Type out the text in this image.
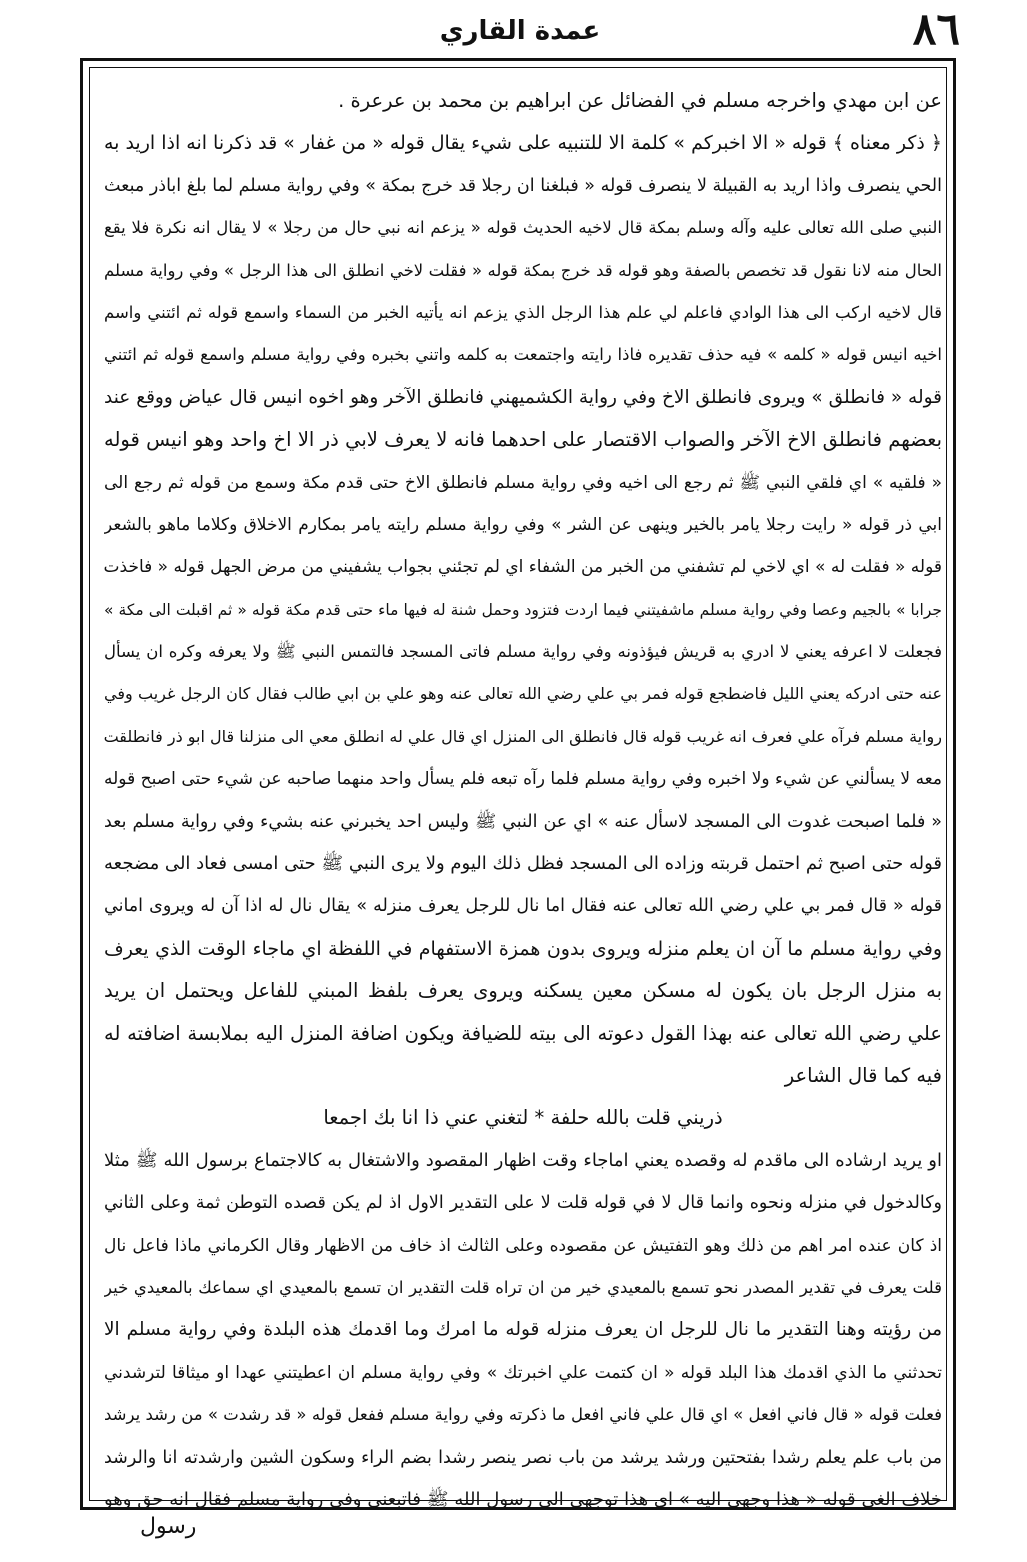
٨٦
عمدة القاري
عن ابن مهدي واخرجه مسلم في الفضائل عن ابراهيم بن محمد بن عرعرة .
﴿ ذكر معناه ﴾ قوله « الا اخبركم » كلمة الا للتنبيه على شيء يقال قوله « من غفار » قد ذكرنا انه اذا اريد به
الحي ينصرف واذا اريد به القبيلة لا ينصرف قوله « فبلغنا ان رجلا قد خرج بمكة » وفي رواية مسلم لما بلغ اباذر مبعث
النبي صلى الله تعالى عليه وآله وسلم بمكة قال لاخيه الحديث قوله « يزعم انه نبي حال من رجلا » لا يقال انه نكرة فلا يقع
الحال منه لانا نقول قد تخصص بالصفة وهو قوله قد خرج بمكة قوله « فقلت لاخي انطلق الى هذا الرجل » وفي رواية مسلم
قال لاخيه اركب الى هذا الوادي فاعلم لي علم هذا الرجل الذي يزعم انه يأتيه الخبر من السماء واسمع قوله ثم ائتني واسم
اخيه انيس قوله « كلمه » فيه حذف تقديره فاذا رايته واجتمعت به كلمه واتني بخبره وفي رواية مسلم واسمع قوله ثم ائتني
قوله « فانطلق » ويروى فانطلق الاخ وفي رواية الكشميهني فانطلق الآخر وهو اخوه انيس قال عياض ووقع عند
بعضهم فانطلق الاخ الآخر والصواب الاقتصار على احدهما فانه لا يعرف لابي ذر الا اخ واحد وهو انيس قوله
« فلقيه » اي فلقي النبي ﷺ ثم رجع الى اخيه وفي رواية مسلم فانطلق الاخ حتى قدم مكة وسمع من قوله ثم رجع الى
ابي ذر قوله « رايت رجلا يامر بالخير وينهى عن الشر » وفي رواية مسلم رايته يامر بمكارم الاخلاق وكلاما ماهو بالشعر
قوله « فقلت له » اي لاخي لم تشفني من الخبر من الشفاء اي لم تجئني بجواب يشفيني من مرض الجهل قوله « فاخذت
جرابا » بالجيم وعصا وفي رواية مسلم ماشفيتني فيما اردت فتزود وحمل شنة له فيها ماء حتى قدم مكة قوله « ثم اقبلت الى مكة »
فجعلت لا اعرفه يعني لا ادري به قريش فيؤذونه وفي رواية مسلم فاتى المسجد فالتمس النبي ﷺ ولا يعرفه وكره ان يسأل
عنه حتى ادركه يعني الليل فاضطجع قوله فمر بي علي رضي الله تعالى عنه وهو علي بن ابي طالب فقال كان الرجل غريب وفي
رواية مسلم فرآه علي فعرف انه غريب قوله قال فانطلق الى المنزل اي قال علي له انطلق معي الى منزلنا قال ابو ذر فانطلقت
معه لا يسألني عن شيء ولا اخبره وفي رواية مسلم فلما رآه تبعه فلم يسأل واحد منهما صاحبه عن شيء حتى اصبح قوله
« فلما اصبحت غدوت الى المسجد لاسأل عنه » اي عن النبي ﷺ وليس احد يخبرني عنه بشيء وفي رواية مسلم بعد
قوله حتى اصبح ثم احتمل قربته وزاده الى المسجد فظل ذلك اليوم ولا يرى النبي ﷺ حتى امسى فعاد الى مضجعه
قوله « قال فمر بي علي رضي الله تعالى عنه فقال اما نال للرجل يعرف منزله » يقال نال له اذا آن له ويروى اماني
وفي رواية مسلم ما آن ان يعلم منزله ويروى بدون همزة الاستفهام في اللفظة اي ماجاء الوقت الذي يعرف
به منزل الرجل بان يكون له مسكن معين يسكنه ويروى يعرف بلفظ المبني للفاعل ويحتمل ان يريد
علي رضي الله تعالى عنه بهذا القول دعوته الى بيته للضيافة ويكون اضافة المنزل اليه بملابسة اضافته له
فيه كما قال الشاعر
ذريني قلت بالله حلفة * لتغني عني ذا انا بك اجمعا
او يريد ارشاده الى ماقدم له وقصده يعني اماجاء وقت اظهار المقصود والاشتغال به كالاجتماع برسول الله ﷺ مثلا
وكالدخول في منزله ونحوه وانما قال لا في قوله قلت لا على التقدير الاول اذ لم يكن قصده التوطن ثمة وعلى الثاني
اذ كان عنده امر اهم من ذلك وهو التفتيش عن مقصوده وعلى الثالث اذ خاف من الاظهار وقال الكرماني ماذا فاعل نال
قلت يعرف في تقدير المصدر نحو تسمع بالمعيدي خير من ان تراه قلت التقدير ان تسمع بالمعيدي اي سماعك بالمعيدي خير
من رؤيته وهنا التقدير ما نال للرجل ان يعرف منزله قوله ما امرك وما اقدمك هذه البلدة وفي رواية مسلم الا
تحدثني ما الذي اقدمك هذا البلد قوله « ان كتمت علي اخبرتك » وفي رواية مسلم ان اعطيتني عهدا او ميثاقا لترشدني
فعلت قوله « قال فاني افعل » اي قال علي فاني افعل ما ذكرته وفي رواية مسلم ففعل قوله « قد رشدت » من رشد يرشد
من باب علم يعلم رشدا بفتحتين ورشد يرشد من باب نصر ينصر رشدا بضم الراء وسكون الشين وارشدته انا والرشد
خلاف الغي قوله « هذا وجهي اليه » اي هذا توجهي الى رسول الله ﷺ فاتبعني وفي رواية مسلم فقال انه حق وهو
رسول
